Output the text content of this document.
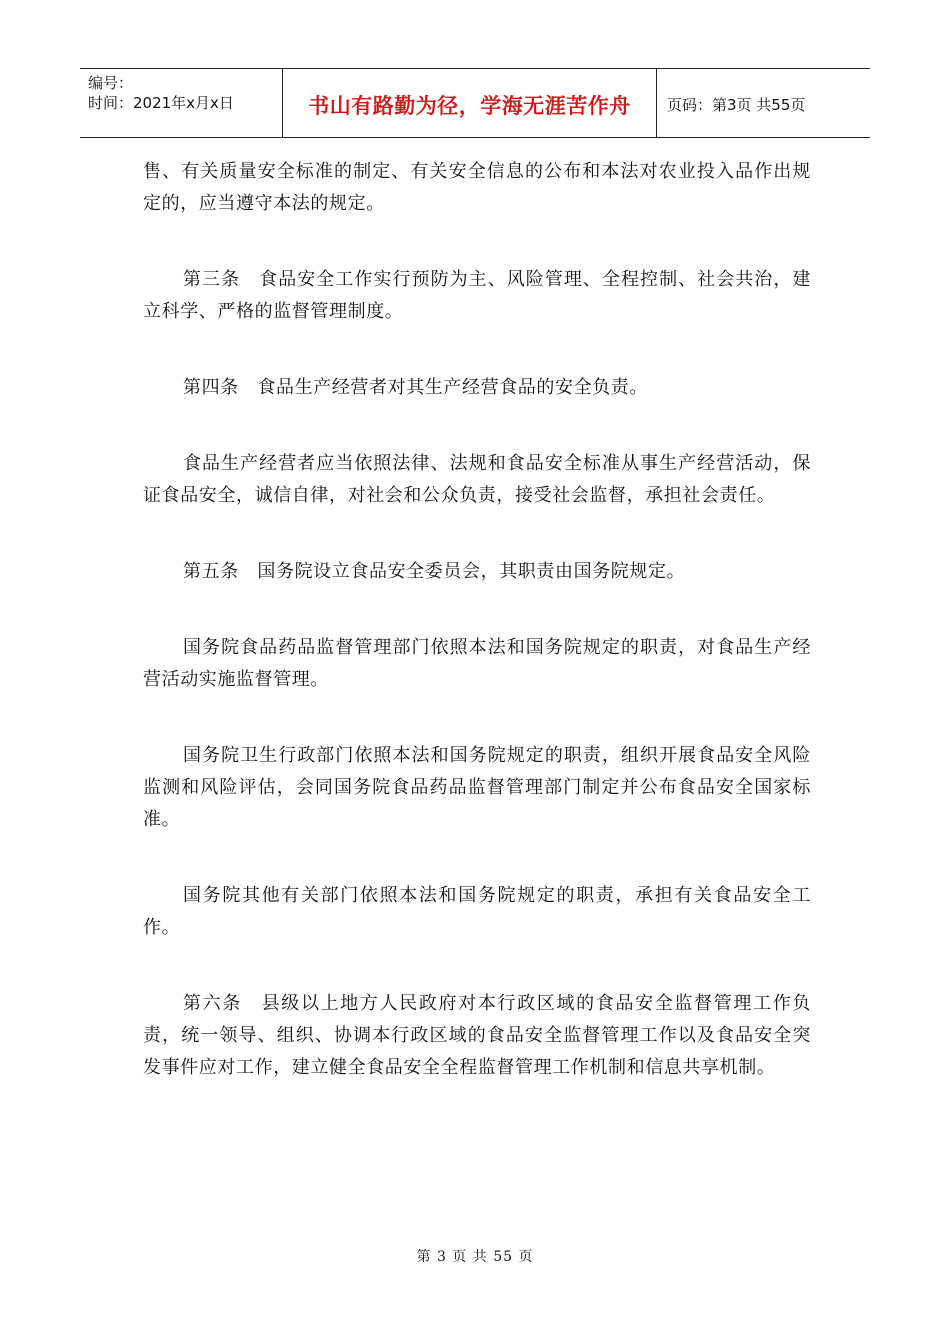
编号：
时间：2021年x月x日	书山有路勤为径，学海无涯苦作舟 页码：第3页 共55页

售、有关质量安全标准的制定、有关安全信息的公布和本法对农业投入品作出规定的，应当遵守本法的规定。

第三条　食品安全工作实行预防为主、风险管理、全程控制、社会共治，建立科学、严格的监督管理制度。

第四条　食品生产经营者对其生产经营食品的安全负责。

食品生产经营者应当依照法律、法规和食品安全标准从事生产经营活动，保证食品安全，诚信自律，对社会和公众负责，接受社会监督，承担社会责任。

第五条　国务院设立食品安全委员会，其职责由国务院规定。

国务院食品药品监督管理部门依照本法和国务院规定的职责，对食品生产经营活动实施监督管理。

国务院卫生行政部门依照本法和国务院规定的职责，组织开展食品安全风险监测和风险评估，会同国务院食品药品监督管理部门制定并公布食品安全国家标准。

国务院其他有关部门依照本法和国务院规定的职责，承担有关食品安全工作。

第六条　县级以上地方人民政府对本行政区域的食品安全监督管理工作负责，统一领导、组织、协调本行政区域的食品安全监督管理工作以及食品安全突发事件应对工作，建立健全食品安全全程监督管理工作机制和信息共享机制。

第 3 页 共 55 页
